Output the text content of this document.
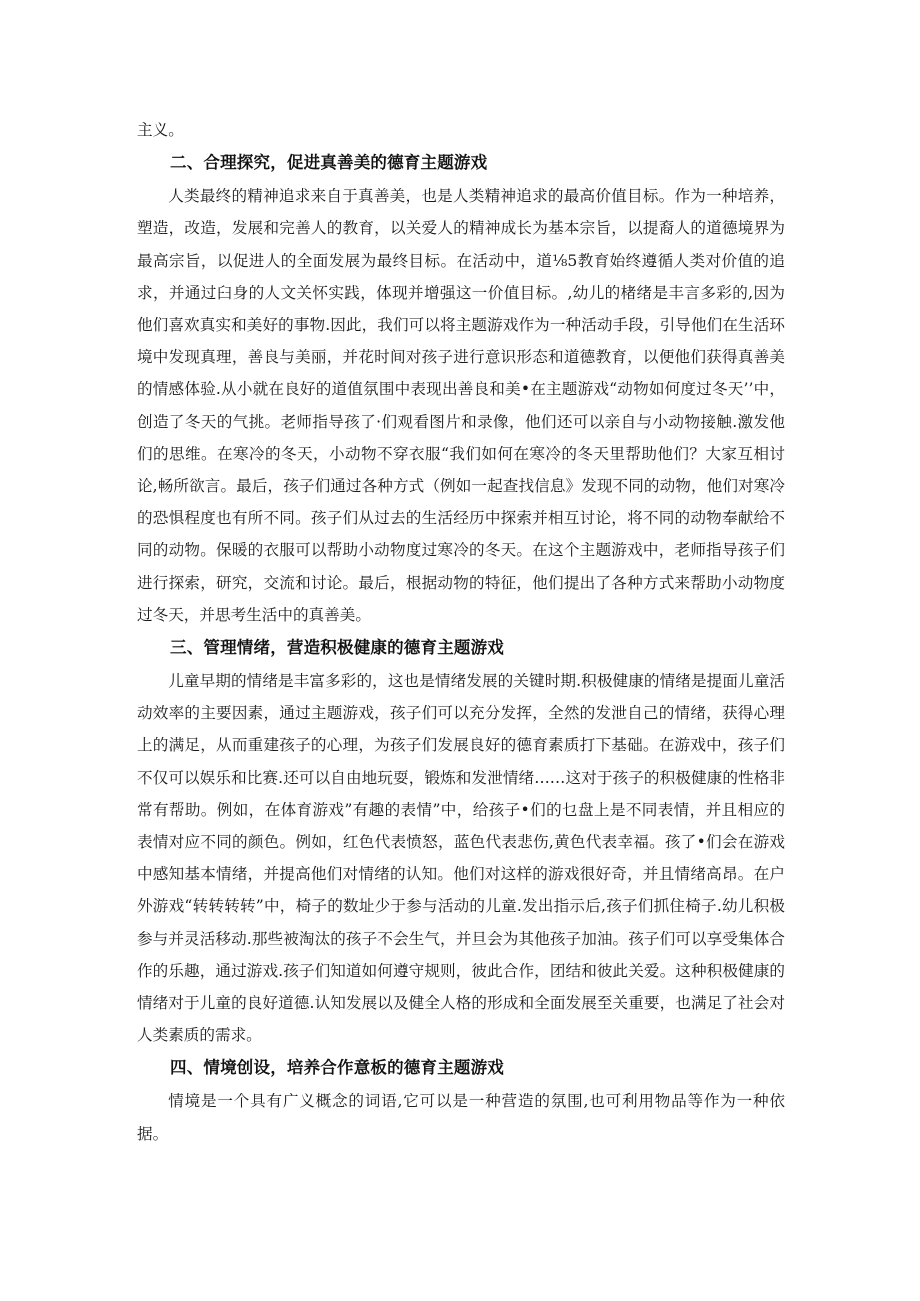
主义。

二、合理探究，促进真善美的德育主题游戏

人类最终的精神追求来自于真善美，也是人类精神追求的最高价值目标。作为一种培养，塑造，改造，发展和完善人的教育，以关爱人的精神成长为基本宗旨，以提裔人的道德境界为最高宗旨，以促进人的全面发展为最终目标。在活动中，道⅛5教育始终遵循人类对价值的追求，并通过臼身的人文关怀实践，体现并增强这一价值目标。,幼儿的楮绪是丰言多彩的,因为他们喜欢真实和美好的事物.因此，我们可以将主题游戏作为一种活动手段，引导他们在生活环境中发现真理，善良与美丽，并花时间对孩子进行意识形态和道德教育，以便他们获得真善美的情感体验.从小就在良好的道值氛围中表现出善良和美•在主题游戏“动物如何度过冬天’’中，创造了冬天的气挑。老师指导孩了·们观看图片和录像，他们还可以亲自与小动物接触.激发他们的思维。在寒冷的冬天，小动物不穿衣服“我们如何在寒冷的冬天里帮助他们？大家互相讨论,畅所欲言。最后，孩子们通过各种方式（例如一起查找信息》发现不同的动物，他们对寒冷的恐惧程度也有所不同。孩子们从过去的生活经历中探索并相互讨论，将不同的动物奉献给不同的动物。保暖的衣服可以帮助小动物度过寒冷的冬天。在这个主题游戏中，老师指导孩子们进行探索，研究，交流和讨论。最后，根据动物的特征，他们提出了各种方式来帮助小动物度过冬天，并思考生活中的真善美。

三、管理情绪，营造积极健康的德育主题游戏

儿童早期的情绪是丰富多彩的，这也是情绪发展的关键时期.积极健康的情绪是提面儿童活动效率的主要因素，通过主题游戏，孩子们可以充分发挥，全然的发泄自己的情绪，获得心理上的满足，从而重建孩子的心理，为孩子们发展良好的德育素质打下基础。在游戏中，孩子们不仅可以娱乐和比赛.还可以自由地玩耍，锻炼和发泄情绪……这对于孩子的积极健康的性格非常有帮助。例如，在体育游戏”有趣的表情”中，给孩子•们的乜盘上是不同表情，并且相应的表情对应不同的颜色。例如，红色代表愤怒，蓝色代表悲伤,黄色代表幸福。孩了•们会在游戏中感知基本情绪，并提高他们对情绪的认知。他们对这样的游戏很好奇，并且情绪高昂。在户外游戏“转转转转”中，椅子的数址少于参与活动的儿童.发出指示后,孩子们抓住椅子.幼儿积极参与并灵活移动.那些被淘汰的孩子不会生气，并旦会为其他孩子加油。孩子们可以享受集体合作的乐趣，通过游戏.孩子们知道如何遵守规则，彼此合作，团结和彼此关爱。这种积极健康的情绪对于儿童的良好道德.认知发展以及健全人格的形成和全面发展至关重要，也满足了社会对人类素质的需求。

四、情境创设，培养合作意板的德育主题游戏

情境是一个具有广义概念的词语,它可以是一种营造的氛围,也可利用物品等作为一种依据。
